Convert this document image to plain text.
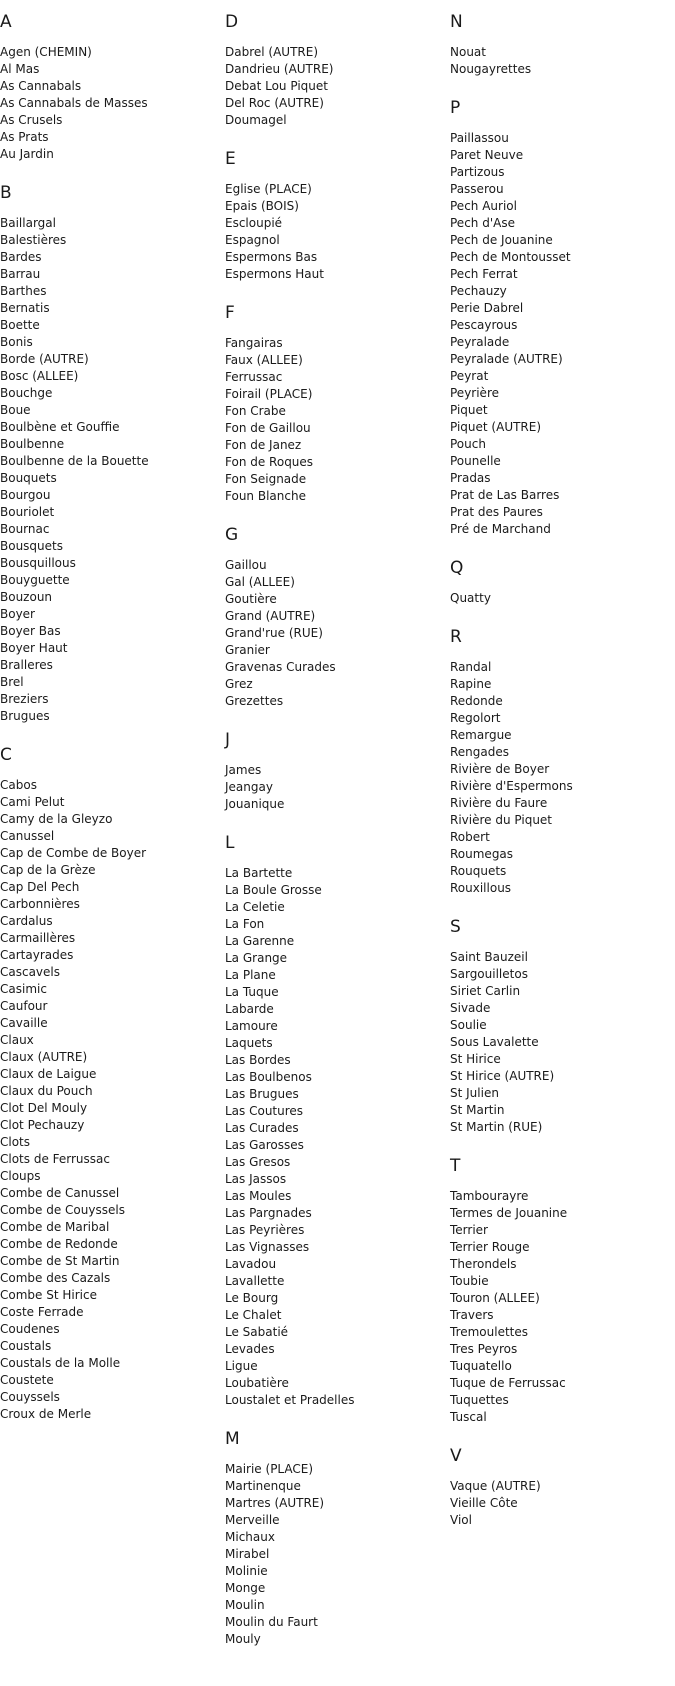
A
Agen (CHEMIN)
Al Mas
As Cannabals
As Cannabals de Masses
As Crusels
As Prats
Au Jardin
B
Baillargal
Balestières
Bardes
Barrau
Barthes
Bernatis
Boette
Bonis
Borde (AUTRE)
Bosc (ALLEE)
Bouchge
Boue
Boulbène et Gouffie
Boulbenne
Boulbenne de la Bouette
Bouquets
Bourgou
Bouriolet
Bournac
Bousquets
Bousquillous
Bouyguette
Bouzoun
Boyer
Boyer Bas
Boyer Haut
Bralleres
Brel
Breziers
Brugues
C
Cabos
Cami Pelut
Camy de la Gleyzo
Canussel
Cap de Combe de Boyer
Cap de la Grèze
Cap Del Pech
Carbonnières
Cardalus
Carmaillères
Cartayrades
Cascavels
Casimic
Caufour
Cavaille
Claux
Claux (AUTRE)
Claux de Laigue
Claux du Pouch
Clot Del Mouly
Clot Pechauzy
Clots
Clots de Ferrussac
Cloups
Combe de Canussel
Combe de Couyssels
Combe de Maribal
Combe de Redonde
Combe de St Martin
Combe des Cazals
Combe St Hirice
Coste Ferrade
Coudenes
Coustals
Coustals de la Molle
Coustete
Couyssels
Croux de Merle
D
Dabrel (AUTRE)
Dandrieu (AUTRE)
Debat Lou Piquet
Del Roc (AUTRE)
Doumagel
E
Eglise (PLACE)
Epais (BOIS)
Escloupié
Espagnol
Espermons Bas
Espermons Haut
F
Fangairas
Faux (ALLEE)
Ferrussac
Foirail (PLACE)
Fon Crabe
Fon de Gaillou
Fon de Janez
Fon de Roques
Fon Seignade
Foun Blanche
G
Gaillou
Gal (ALLEE)
Goutière
Grand (AUTRE)
Grand'rue (RUE)
Granier
Gravenas Curades
Grez
Grezettes
J
James
Jeangay
Jouanique
L
La Bartette
La Boule Grosse
La Celetie
La Fon
La Garenne
La Grange
La Plane
La Tuque
Labarde
Lamoure
Laquets
Las Bordes
Las Boulbenos
Las Brugues
Las Coutures
Las Curades
Las Garosses
Las Gresos
Las Jassos
Las Moules
Las Pargnades
Las Peyrières
Las Vignasses
Lavadou
Lavallette
Le Bourg
Le Chalet
Le Sabatié
Levades
Ligue
Loubatière
Loustalet et Pradelles
M
Mairie (PLACE)
Martinenque
Martres (AUTRE)
Merveille
Michaux
Mirabel
Molinie
Monge
Moulin
Moulin du Faurt
Mouly
N
Nouat
Nougayrettes
P
Paillassou
Paret Neuve
Partizous
Passerou
Pech Auriol
Pech d'Ase
Pech de Jouanine
Pech de Montousset
Pech Ferrat
Pechauzy
Perie Dabrel
Pescayrous
Peyralade
Peyralade (AUTRE)
Peyrat
Peyrière
Piquet
Piquet (AUTRE)
Pouch
Pounelle
Pradas
Prat de Las Barres
Prat des Paures
Pré de Marchand
Q
Quatty
R
Randal
Rapine
Redonde
Regolort
Remargue
Rengades
Rivière de Boyer
Rivière d'Espermons
Rivière du Faure
Rivière du Piquet
Robert
Roumegas
Rouquets
Rouxillous
S
Saint Bauzeil
Sargouilletos
Siriet Carlin
Sivade
Soulie
Sous Lavalette
St Hirice
St Hirice (AUTRE)
St Julien
St Martin
St Martin (RUE)
T
Tambourayre
Termes de Jouanine
Terrier
Terrier Rouge
Therondels
Toubie
Touron (ALLEE)
Travers
Tremoulettes
Tres Peyros
Tuquatello
Tuque de Ferrussac
Tuquettes
Tuscal
V
Vaque (AUTRE)
Vieille Côte
Viol
